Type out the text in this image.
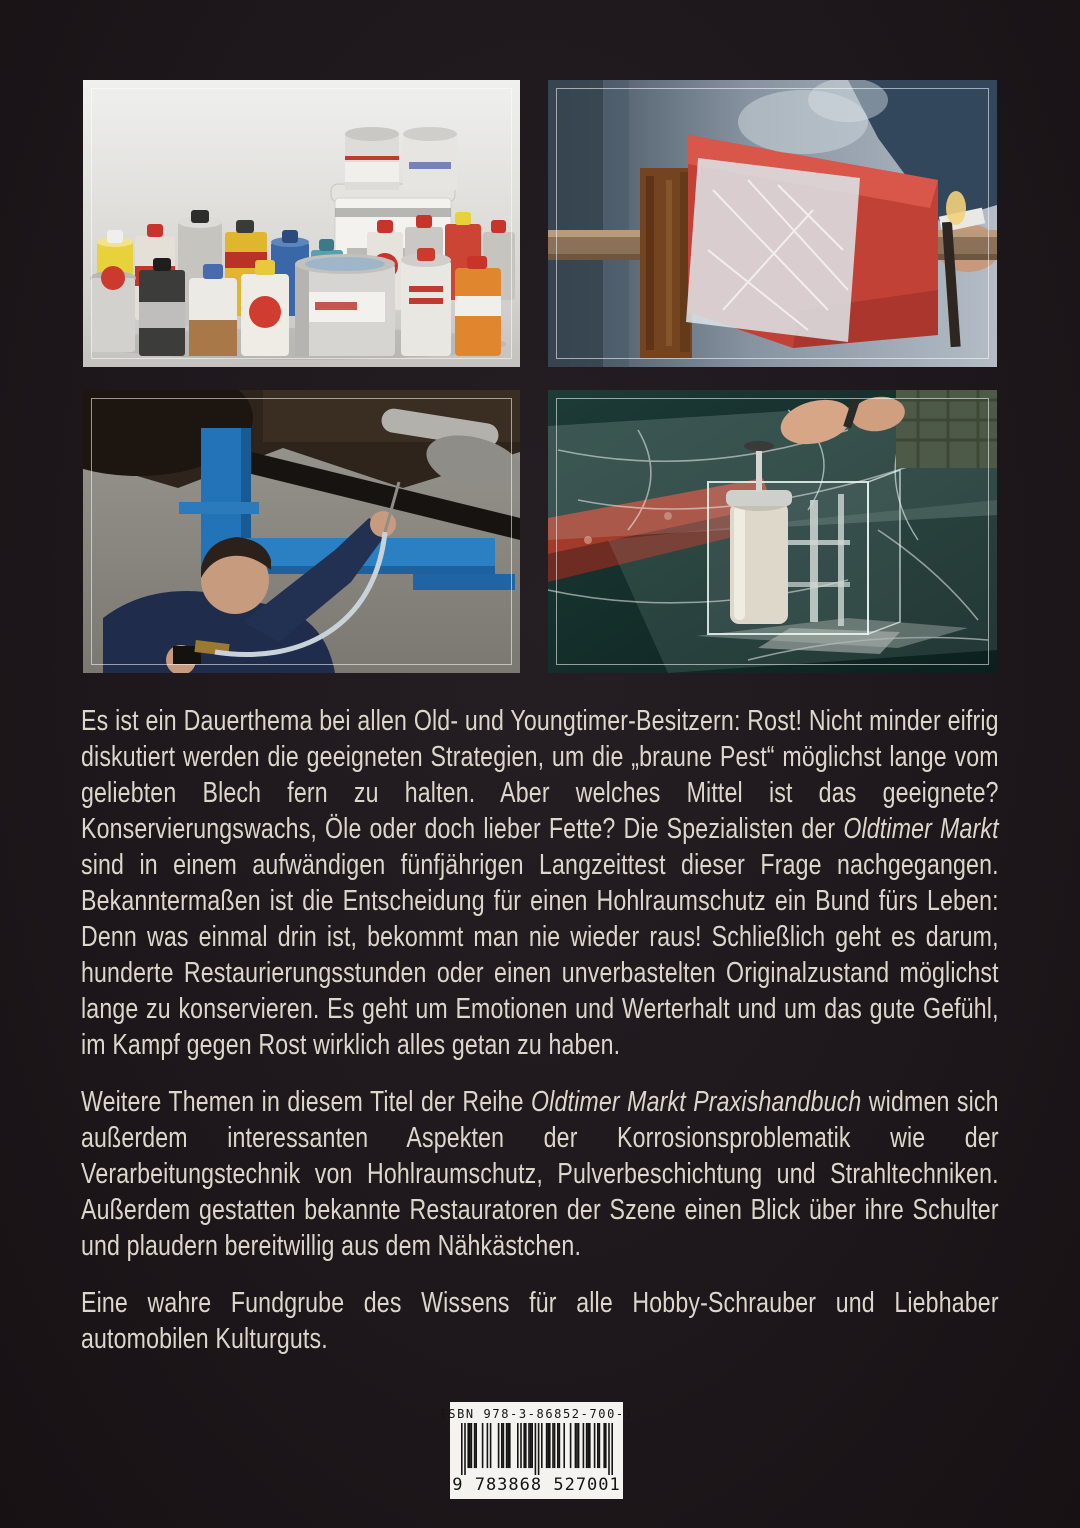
Es ist ein Dauerthema bei allen Old- und Youngtimer-Besitzern: Rost! Nicht minder eifrig diskutiert werden die geeigneten Strategien, um die „braune Pest“ möglichst lange vom geliebten Blech fern zu halten. Aber welches Mittel ist das geeignete? Konservierungswachs, Öle oder doch lieber Fette? Die Spezialisten der Oldtimer Markt sind in einem aufwändigen fünfjährigen Langzeittest dieser Frage nachgegangen. Bekanntermaßen ist die Entscheidung für einen Hohlraumschutz ein Bund fürs Leben: Denn was einmal drin ist, bekommt man nie wieder raus! Schließlich geht es darum, hunderte Restaurierungsstunden oder einen unverbastelten Originalzustand möglichst lange zu konservieren. Es geht um Emotionen und Werterhalt und um das gute Gefühl, im Kampf gegen Rost wirklich alles getan zu haben.

Weitere Themen in diesem Titel der Reihe Oldtimer Markt Praxishandbuch widmen sich außerdem interessanten Aspekten der Korrosionsproblematik wie der Verarbeitungstechnik von Hohlraumschutz, Pulverbeschichtung und Strahltechniken. Außerdem gestatten bekannte Restauratoren der Szene einen Blick über ihre Schulter und plaudern bereitwillig aus dem Nähkästchen.

Eine wahre Fundgrube des Wissens für alle Hobby-Schrauber und Liebhaber automobilen Kulturguts.

ISBN 978-3-86852-700-1
9 783868 527001
